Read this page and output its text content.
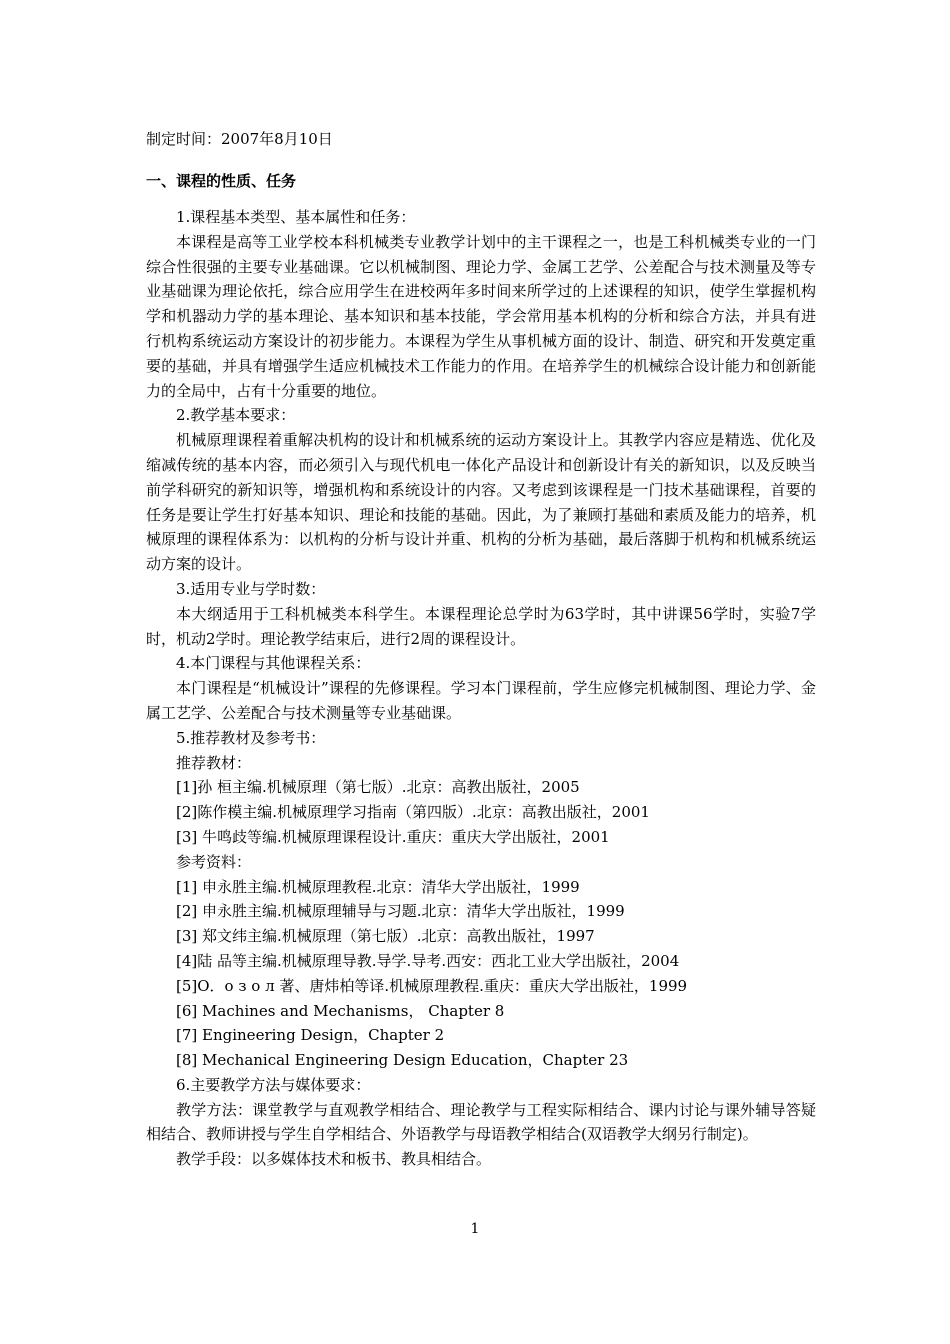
制定时间：2007年8月10日

一、课程的性质、任务

1.课程基本类型、基本属性和任务：

本课程是高等工业学校本科机械类专业教学计划中的主干课程之一，也是工科机械类专业的一门综合性很强的主要专业基础课。它以机械制图、理论力学、金属工艺学、公差配合与技术测量及等专业基础课为理论依托，综合应用学生在进校两年多时间来所学过的上述课程的知识，使学生掌握机构学和机器动力学的基本理论、基本知识和基本技能，学会常用基本机构的分析和综合方法，并具有进行机构系统运动方案设计的初步能力。本课程为学生从事机械方面的设计、制造、研究和开发奠定重要的基础，并具有增强学生适应机械技术工作能力的作用。在培养学生的机械综合设计能力和创新能力的全局中，占有十分重要的地位。

2.教学基本要求：

机械原理课程着重解决机构的设计和机械系统的运动方案设计上。其教学内容应是精选、优化及缩减传统的基本内容，而必须引入与现代机电一体化产品设计和创新设计有关的新知识，以及反映当前学科研究的新知识等，增强机构和系统设计的内容。又考虑到该课程是一门技术基础课程，首要的任务是要让学生打好基本知识、理论和技能的基础。因此，为了兼顾打基础和素质及能力的培养，机械原理的课程体系为：以机构的分析与设计并重、机构的分析为基础，最后落脚于机构和机械系统运动方案的设计。

3.适用专业与学时数：

本大纲适用于工科机械类本科学生。本课程理论总学时为63学时，其中讲课56学时，实验7学时，机动2学时。理论教学结束后，进行2周的课程设计。

4.本门课程与其他课程关系：

本门课程是“机械设计”课程的先修课程。学习本门课程前，学生应修完机械制图、理论力学、金属工艺学、公差配合与技术测量等专业基础课。

5.推荐教材及参考书：

推荐教材：

[1]孙 桓主编.机械原理（第七版）.北京：高教出版社，2005

[2]陈作模主编.机械原理学习指南（第四版）.北京：高教出版社，2001

[3] 牛鸣歧等编.机械原理课程设计.重庆：重庆大学出版社，2001

参考资料：

[1] 申永胜主编.机械原理教程.北京：清华大学出版社，1999

[2] 申永胜主编.机械原理辅导与习题.北京：清华大学出版社，1999

[3] 郑文纬主编.机械原理（第七版）.北京：高教出版社，1997

[4]陆 品等主编.机械原理导教.导学.导考.西安：西北工业大学出版社，2004

[5]О．о з о л 著、唐炜柏等译.机械原理教程.重庆：重庆大学出版社，1999

[6] Machines and Mechanisms， Chapter 8

[7] Engineering Design，Chapter 2

[8] Mechanical Engineering Design Education，Chapter 23

6.主要教学方法与媒体要求：

教学方法：课堂教学与直观教学相结合、理论教学与工程实际相结合、课内讨论与课外辅导答疑相结合、教师讲授与学生自学相结合、外语教学与母语教学相结合(双语教学大纲另行制定)。

教学手段：以多媒体技术和板书、教具相结合。

1
